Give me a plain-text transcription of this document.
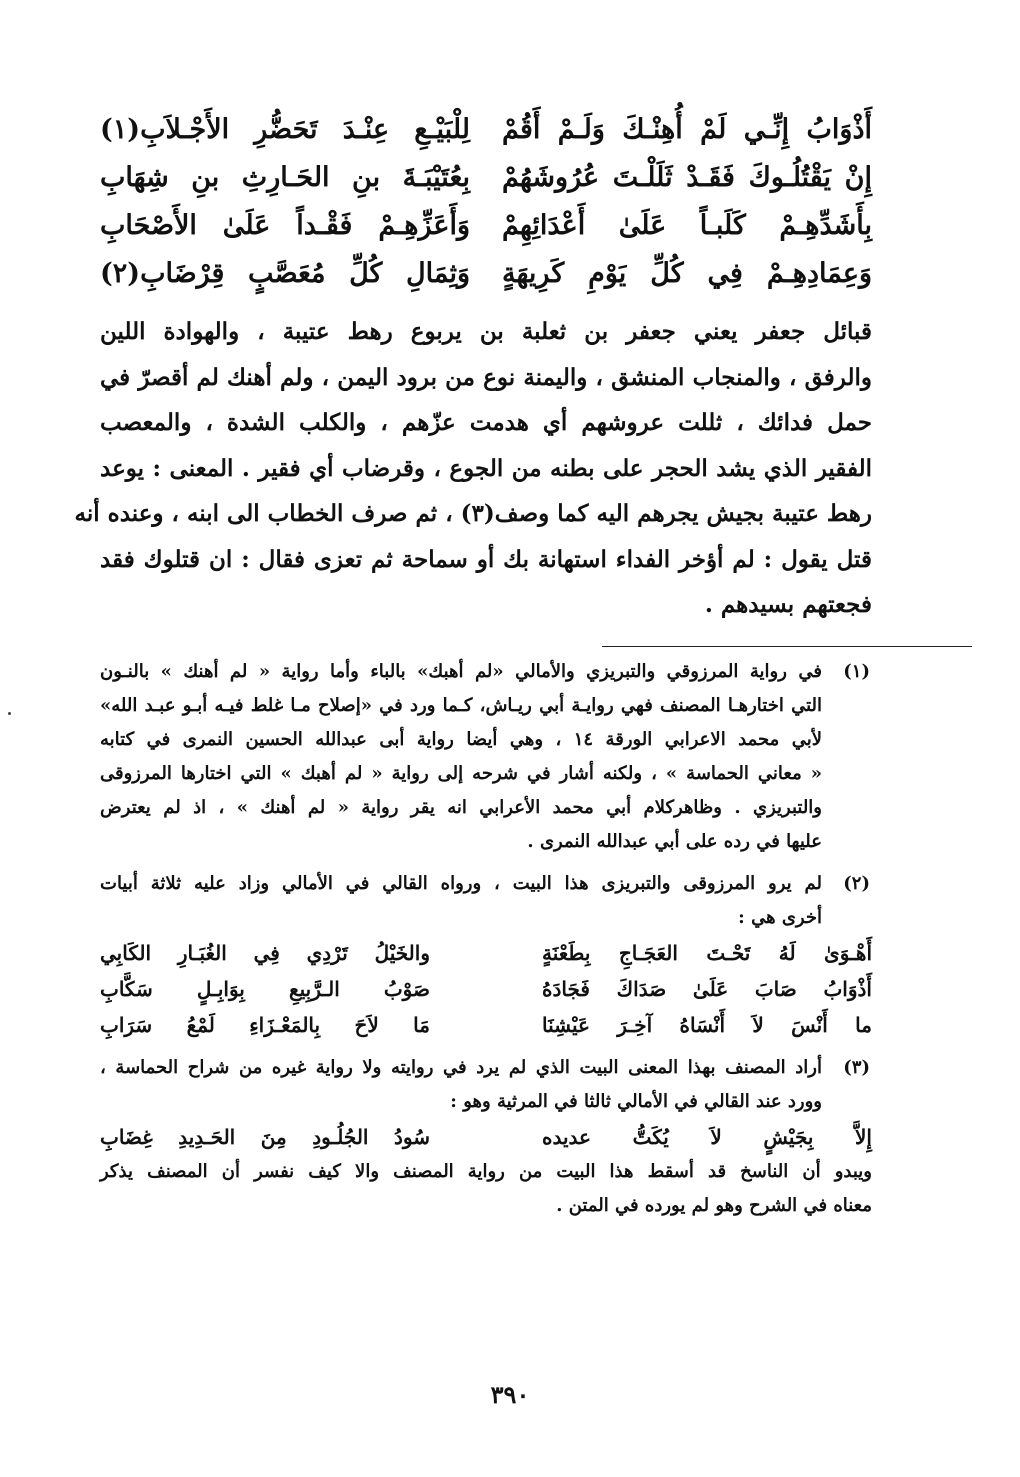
أَذْوَابُ إِنِّـي لَمْ أُهِنْـكَ وَلَـمْ أَقُمْ
لِلْبَيْـعِ عِنْـدَ تَحَضُّرِ الأَجْـلاَبِ(١)
إِنْ يَقْتُلُـوكَ فَقَـدْ ثَلَلْـتَ عُرُوشَهُمْ
بِعُتَيْبَـةَ بنِ الحَـارِثِ بنِ شِهَابِ
بِأَشَدِّهِـمْ كَلَبـاً عَلَىٰ أَعْدَائِهِمْ
وَأَعَزِّهِـمْ فَقْـداً عَلَىٰ الأَصْحَابِ
وَعِمَادِهِـمْ فِي كُلِّ يَوْمِ كَرِيهَةٍ
وَثِمَالِ كُلِّ مُعَصَّبٍ قِرْضَابِ(٢)
قبائل جعفر يعني جعفر بن ثعلبة بن يربوع رهط عتيبة ، والهوادة اللين
والرفق ، والمنجاب المنشق ، واليمنة نوع من برود اليمن ، ولم أهنك لم أقصرّ في
حمل فدائك ، ثللت عروشهم أي هدمت عزّهم ، والكلب الشدة ، والمعصب
الفقير الذي يشد الحجر على بطنه من الجوع ، وقرضاب أي فقير . المعنى : يوعد
رهط عتيبة بجيش يجرهم اليه كما وصف(٣) ، ثم صرف الخطاب الى ابنه ، وعنده أنه
قتل يقول : لم أؤخر الفداء استهانة بك أو سماحة ثم تعزى فقال : ان قتلوك فقد
فجعتهم بسيدهم .
(١)
في رواية المرزوقي والتبريزي والأمالي «لم أهبك» بالباء وأما رواية « لم أهنك » بالنـون
التي اختارهـا المصنف فهي روايـة أبي ريـاش، كـما ورد في «إصلاح مـا غلط فيـه أبـو عبـد الله»
لأبي محمد الاعرابي الورقة ١٤ ، وهي أيضا رواية أبى عبدالله الحسين النمرى في كتابه
« معاني الحماسة » ، ولكنه أشار في شرحه إلى رواية « لم أهبك » التي اختارها المرزوقى
والتبريزي . وظاهركلام أبي محمد الأعرابي انه يقر رواية « لم أهنك » ، اذ لم يعترض
عليها في رده على أبي عبدالله النمرى .
(٢)
لم يرو المرزوقى والتبريزى هذا البيت ، ورواه القالي في الأمالي وزاد عليه ثلاثة أبيات
أخرى هي :
أَهْـوَىٰ لَهُ تَحْـتَ العَجَـاجِ بِطَعْنَةٍ
والخَيْلُ تَرْدِي فِي الغُبَـارِ الكَابِي
أَذْوَابُ صَابَ عَلَىٰ صَدَاكَ فَجَادَهُ
صَوْبُ الـرَّبِيعِ بِوَابِـلٍ سَكَّابِ
ما أَنْسَ لاَ أَنْسَاهُ آخِـرَ عَيْشِنَا
مَا لاَحَ بِالمَعْـزَاءِ لَمْعُ سَرَابِ
(٣)
أراد المصنف بهذا المعنى البيت الذي لم يرد في روايته ولا رواية غيره من شراح الحماسة ،
وورد عند القالي في الأمالي ثالثا في المرثية وهو :
إِلاَّ بِجَيْشٍ لاَ يُكَتُّ عديده
سُودُ الجُلُـودِ مِنَ الحَـدِيدِ غِضَابِ
ويبدو أن الناسخ قد أسقط هذا البيت من رواية المصنف والا كيف نفسر أن المصنف يذكر
معناه في الشرح وهو لم يورده في المتن .
٣٩٠
